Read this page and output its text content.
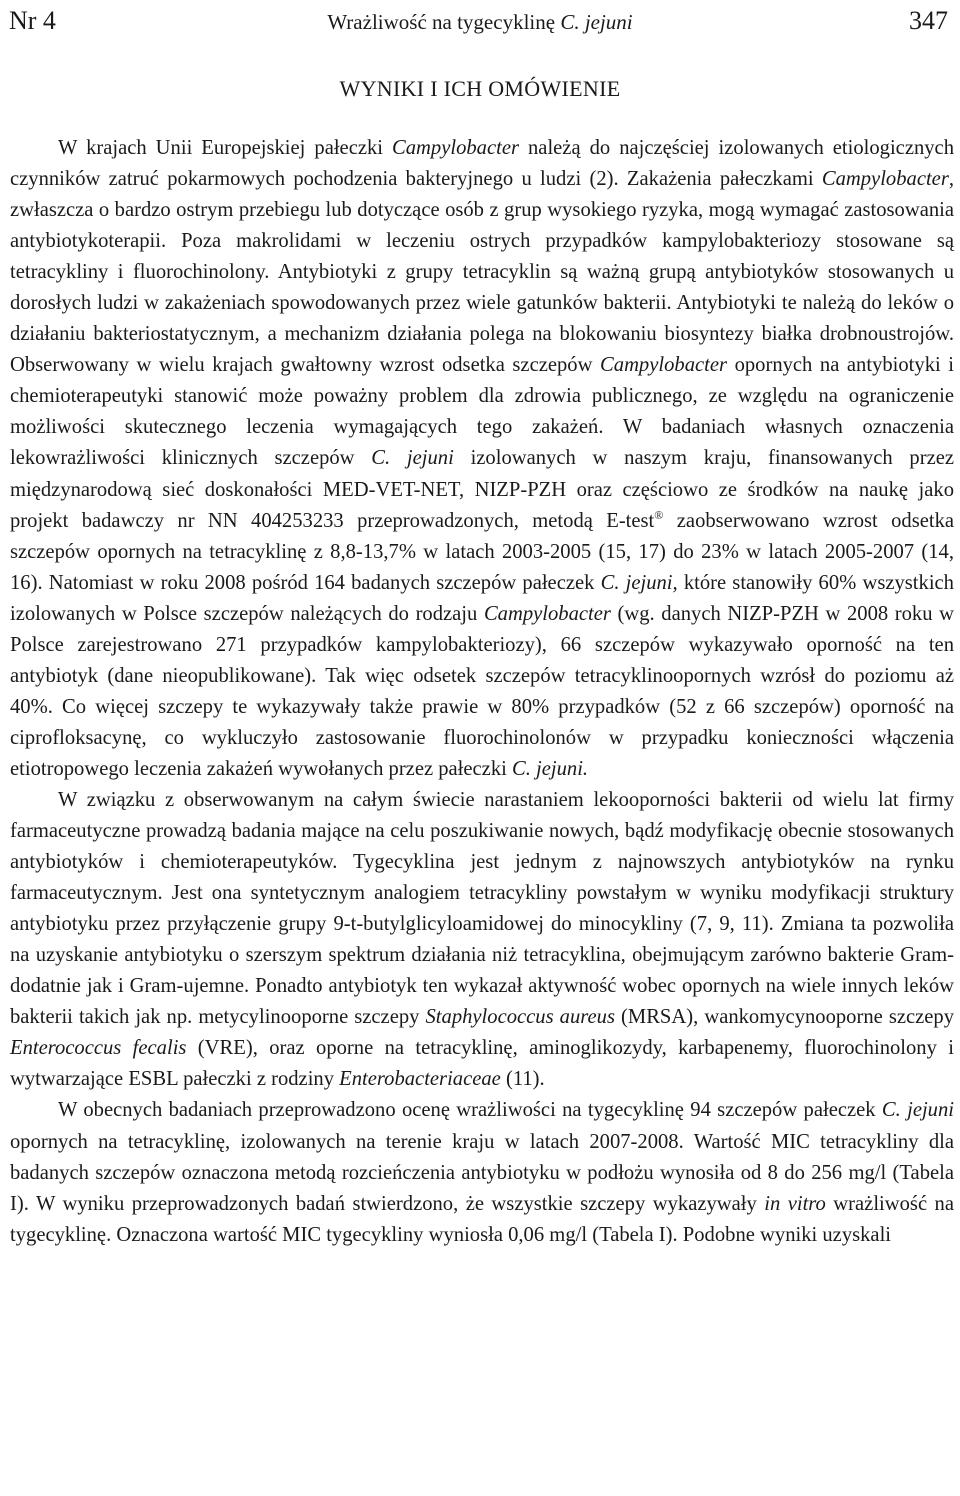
Nr 4	Wrażliwość na tygecyklinę C. jejuni	347
WYNIKI I ICH OMÓWIENIE

W krajach Unii Europejskiej pałeczki Campylobacter należą do najczęściej izolowanych etiologicznych czynników zatruć pokarmowych pochodzenia bakteryjnego u ludzi (2). Zakażenia pałeczkami Campylobacter, zwłaszcza o bardzo ostrym przebiegu lub dotyczące osób z grup wysokiego ryzyka, mogą wymagać zastosowania antybiotykoterapii. Poza makrolidami w leczeniu ostrych przypadków kampylobakteriozy stosowane są tetracykliny i fluorochinolony. Antybiotyki z grupy tetracyklin są ważną grupą antybiotyków stosowanych u dorosłych ludzi w zakażeniach spowodowanych przez wiele gatunków bakterii. Antybiotyki te należą do leków o działaniu bakteriostatycznym, a mechanizm działania polega na blokowaniu biosyntezy białka drobnoustrojów. Obserwowany w wielu krajach gwałtowny wzrost odsetka szczepów Campylobacter opornych na antybiotyki i chemioterapeutyki stanowić może poważny problem dla zdrowia publicznego, ze względu na ograniczenie możliwości skutecznego leczenia wymagających tego zakażeń. W badaniach własnych oznaczenia lekowrażliwości klinicznych szczepów C. jejuni izolowanych w naszym kraju, finansowanych przez międzynarodową sieć doskonałości MED-VET-NET, NIZP-PZH oraz częściowo ze środków na naukę jako projekt badawczy nr NN 404253233 przeprowadzonych, metodą E-test® zaobserwowano wzrost odsetka szczepów opornych na tetracyklinę z 8,8-13,7% w latach 2003-2005 (15, 17) do 23% w latach 2005-2007 (14, 16). Natomiast w roku 2008 pośród 164 badanych szczepów pałeczek C. jejuni, które stanowiły 60% wszystkich izolowanych w Polsce szczepów należących do rodzaju Campylobacter (wg. danych NIZP-PZH w 2008 roku w Polsce zarejestrowano 271 przypadków kampylobakteriozy), 66 szczepów wykazywało oporność na ten antybiotyk (dane nieopublikowane). Tak więc odsetek szczepów tetracyklinoopornych wzrósł do poziomu aż 40%. Co więcej szczepy te wykazywały także prawie w 80% przypadków (52 z 66 szczepów) oporność na ciprofloksacynę, co wykluczyło zastosowanie fluorochinolonów w przypadku konieczności włączenia etiotropowego leczenia zakażeń wywołanych przez pałeczki C. jejuni.

W związku z obserwowanym na całym świecie narastaniem lekooporności bakterii od wielu lat firmy farmaceutyczne prowadzą badania mające na celu poszukiwanie nowych, bądź modyfikację obecnie stosowanych antybiotyków i chemioterapeutyków. Tygecyklina jest jednym z najnowszych antybiotyków na rynku farmaceutycznym. Jest ona syntetycznym analogiem tetracykliny powstałym w wyniku modyfikacji struktury antybiotyku przez przyłączenie grupy 9-t-butylglicyloamidowej do minocykliny (7, 9, 11). Zmiana ta pozwoliła na uzyskanie antybiotyku o szerszym spektrum działania niż tetracyklina, obejmującym zarówno bakterie Gram-dodatnie jak i Gram-ujemne. Ponadto antybiotyk ten wykazał aktywność wobec opornych na wiele innych leków bakterii takich jak np. metycylinooporne szczepy Staphylococcus aureus (MRSA), wankomycynooporne szczepy Enterococcus fecalis (VRE), oraz oporne na tetracyklinę, aminoglikozydy, karbapenemy, fluorochinolony i wytwarzające ESBL pałeczki z rodziny Enterobacteriaceae (11).

W obecnych badaniach przeprowadzono ocenę wrażliwości na tygecyklinę 94 szczepów pałeczek C. jejuni opornych na tetracyklinę, izolowanych na terenie kraju w latach 2007-2008. Wartość MIC tetracykliny dla badanych szczepów oznaczona metodą rozcieńczenia antybiotyku w podłożu wynosiła od 8 do 256 mg/l (Tabela I). W wyniku przeprowadzonych badań stwierdzono, że wszystkie szczepy wykazywały in vitro wrażliwość na tygecyklinę. Oznaczona wartość MIC tygecykliny wyniosła 0,06 mg/l (Tabela I). Podobne wyniki uzyskali
